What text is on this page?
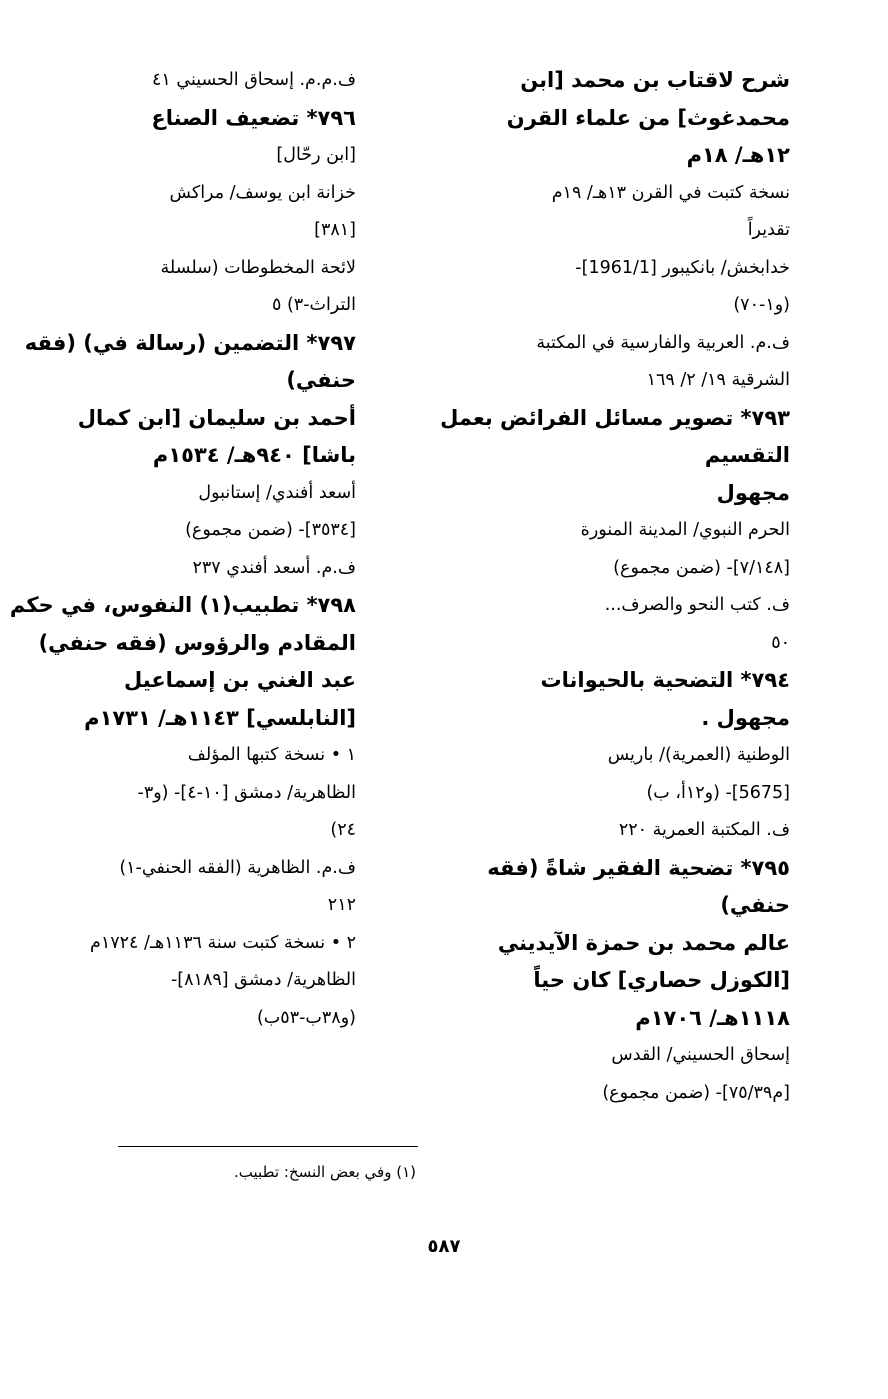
شرح لاقتاب بن محمد [ابن
محمدغوث] من علماء القرن
١٢هـ/ ١٨م
نسخة كتبت في القرن ١٣هـ/ ١٩م
تقديراً
خدابخش/ بانكيبور [1961/1]-
(و١-٧٠)
ف.م. العربية والفارسية في المكتبة
الشرقية ١٩/ ٢/ ١٦٩
٧٩٣* تصوير مسائل الفرائض بعمل
التقسيم
مجهول
الحرم النبوي/ المدينة المنورة
[٧/١٤٨]- (ضمن مجموع)
ف. كتب النحو والصرف...
٥٠
٧٩٤* التضحية بالحيوانات
مجهول .
الوطنية (العمرية)/ باريس
[5675]- (و١٢أ، ب)
ف. المكتبة العمرية ٢٢٠
٧٩٥* تضحية الفقير شاةً (فقه
حنفي)
عالم محمد بن حمزة الآيديني
[الكوزل حصاري] كان حياً
١١١٨هـ/ ١٧٠٦م
إسحاق الحسيني/ القدس
[م٧٥/٣٩]- (ضمن مجموع)
ف.م.م. إسحاق الحسيني ٤١
٧٩٦* تضعيف الصناع
[ابن رحّال]
خزانة ابن يوسف/ مراكش
[٣٨١]
لائحة المخطوطات (سلسلة
التراث-٣) ٥
٧٩٧* التضمين (رسالة في) (فقه
حنفي)
أحمد بن سليمان [ابن كمال
باشا] ٩٤٠هـ/ ١٥٣٤م
أسعد أفندي/ إستانبول
[٣٥٣٤]- (ضمن مجموع)
ف.م. أسعد أفندي ٢٣٧
٧٩٨* تطبيب(١) النفوس، في حكم
المقادم والرؤوس (فقه حنفي)
عبد الغني بن إسماعيل
[النابلسي] ١١٤٣هـ/ ١٧٣١م
١ • نسخة كتبها المؤلف
الظاهرية/ دمشق [١٠-٤]- (و٣-
٢٤)
ف.م. الظاهرية (الفقه الحنفي-١)
٢١٢
٢ • نسخة كتبت سنة ١١٣٦هـ/ ١٧٢٤م
الظاهرية/ دمشق [٨١٨٩]-
(و٣٨ب-٥٣ب)
(١) وفي بعض النسخ: تطبيب.
٥٨٧
